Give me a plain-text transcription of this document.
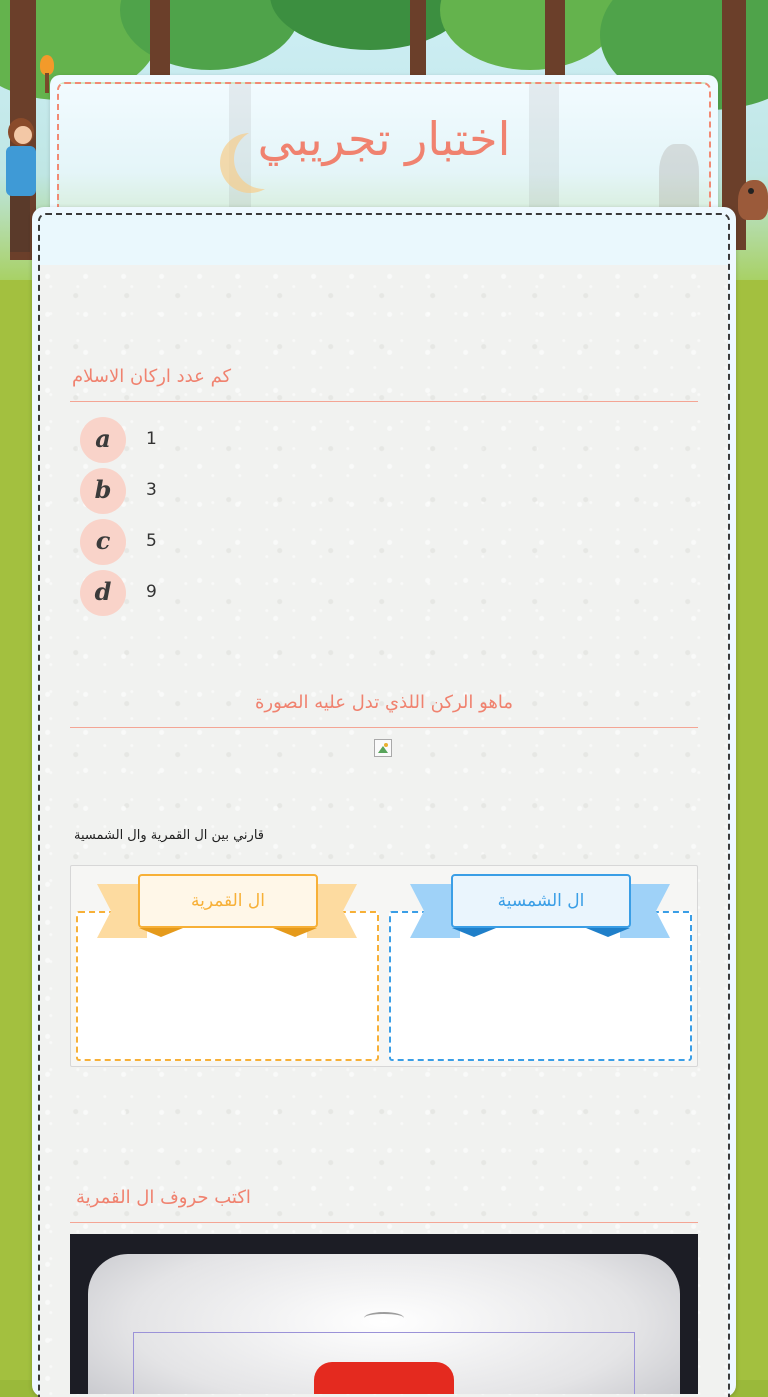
اختبار تجريبي
كم عدد اركان الاسلام
a	1
b	3
c	5
d	9
ماهو الركن اللذي تدل عليه الصورة
قارني بين ال القمرية وال الشمسية
ال القمرية	ال الشمسية
اكتب حروف ال القمرية
